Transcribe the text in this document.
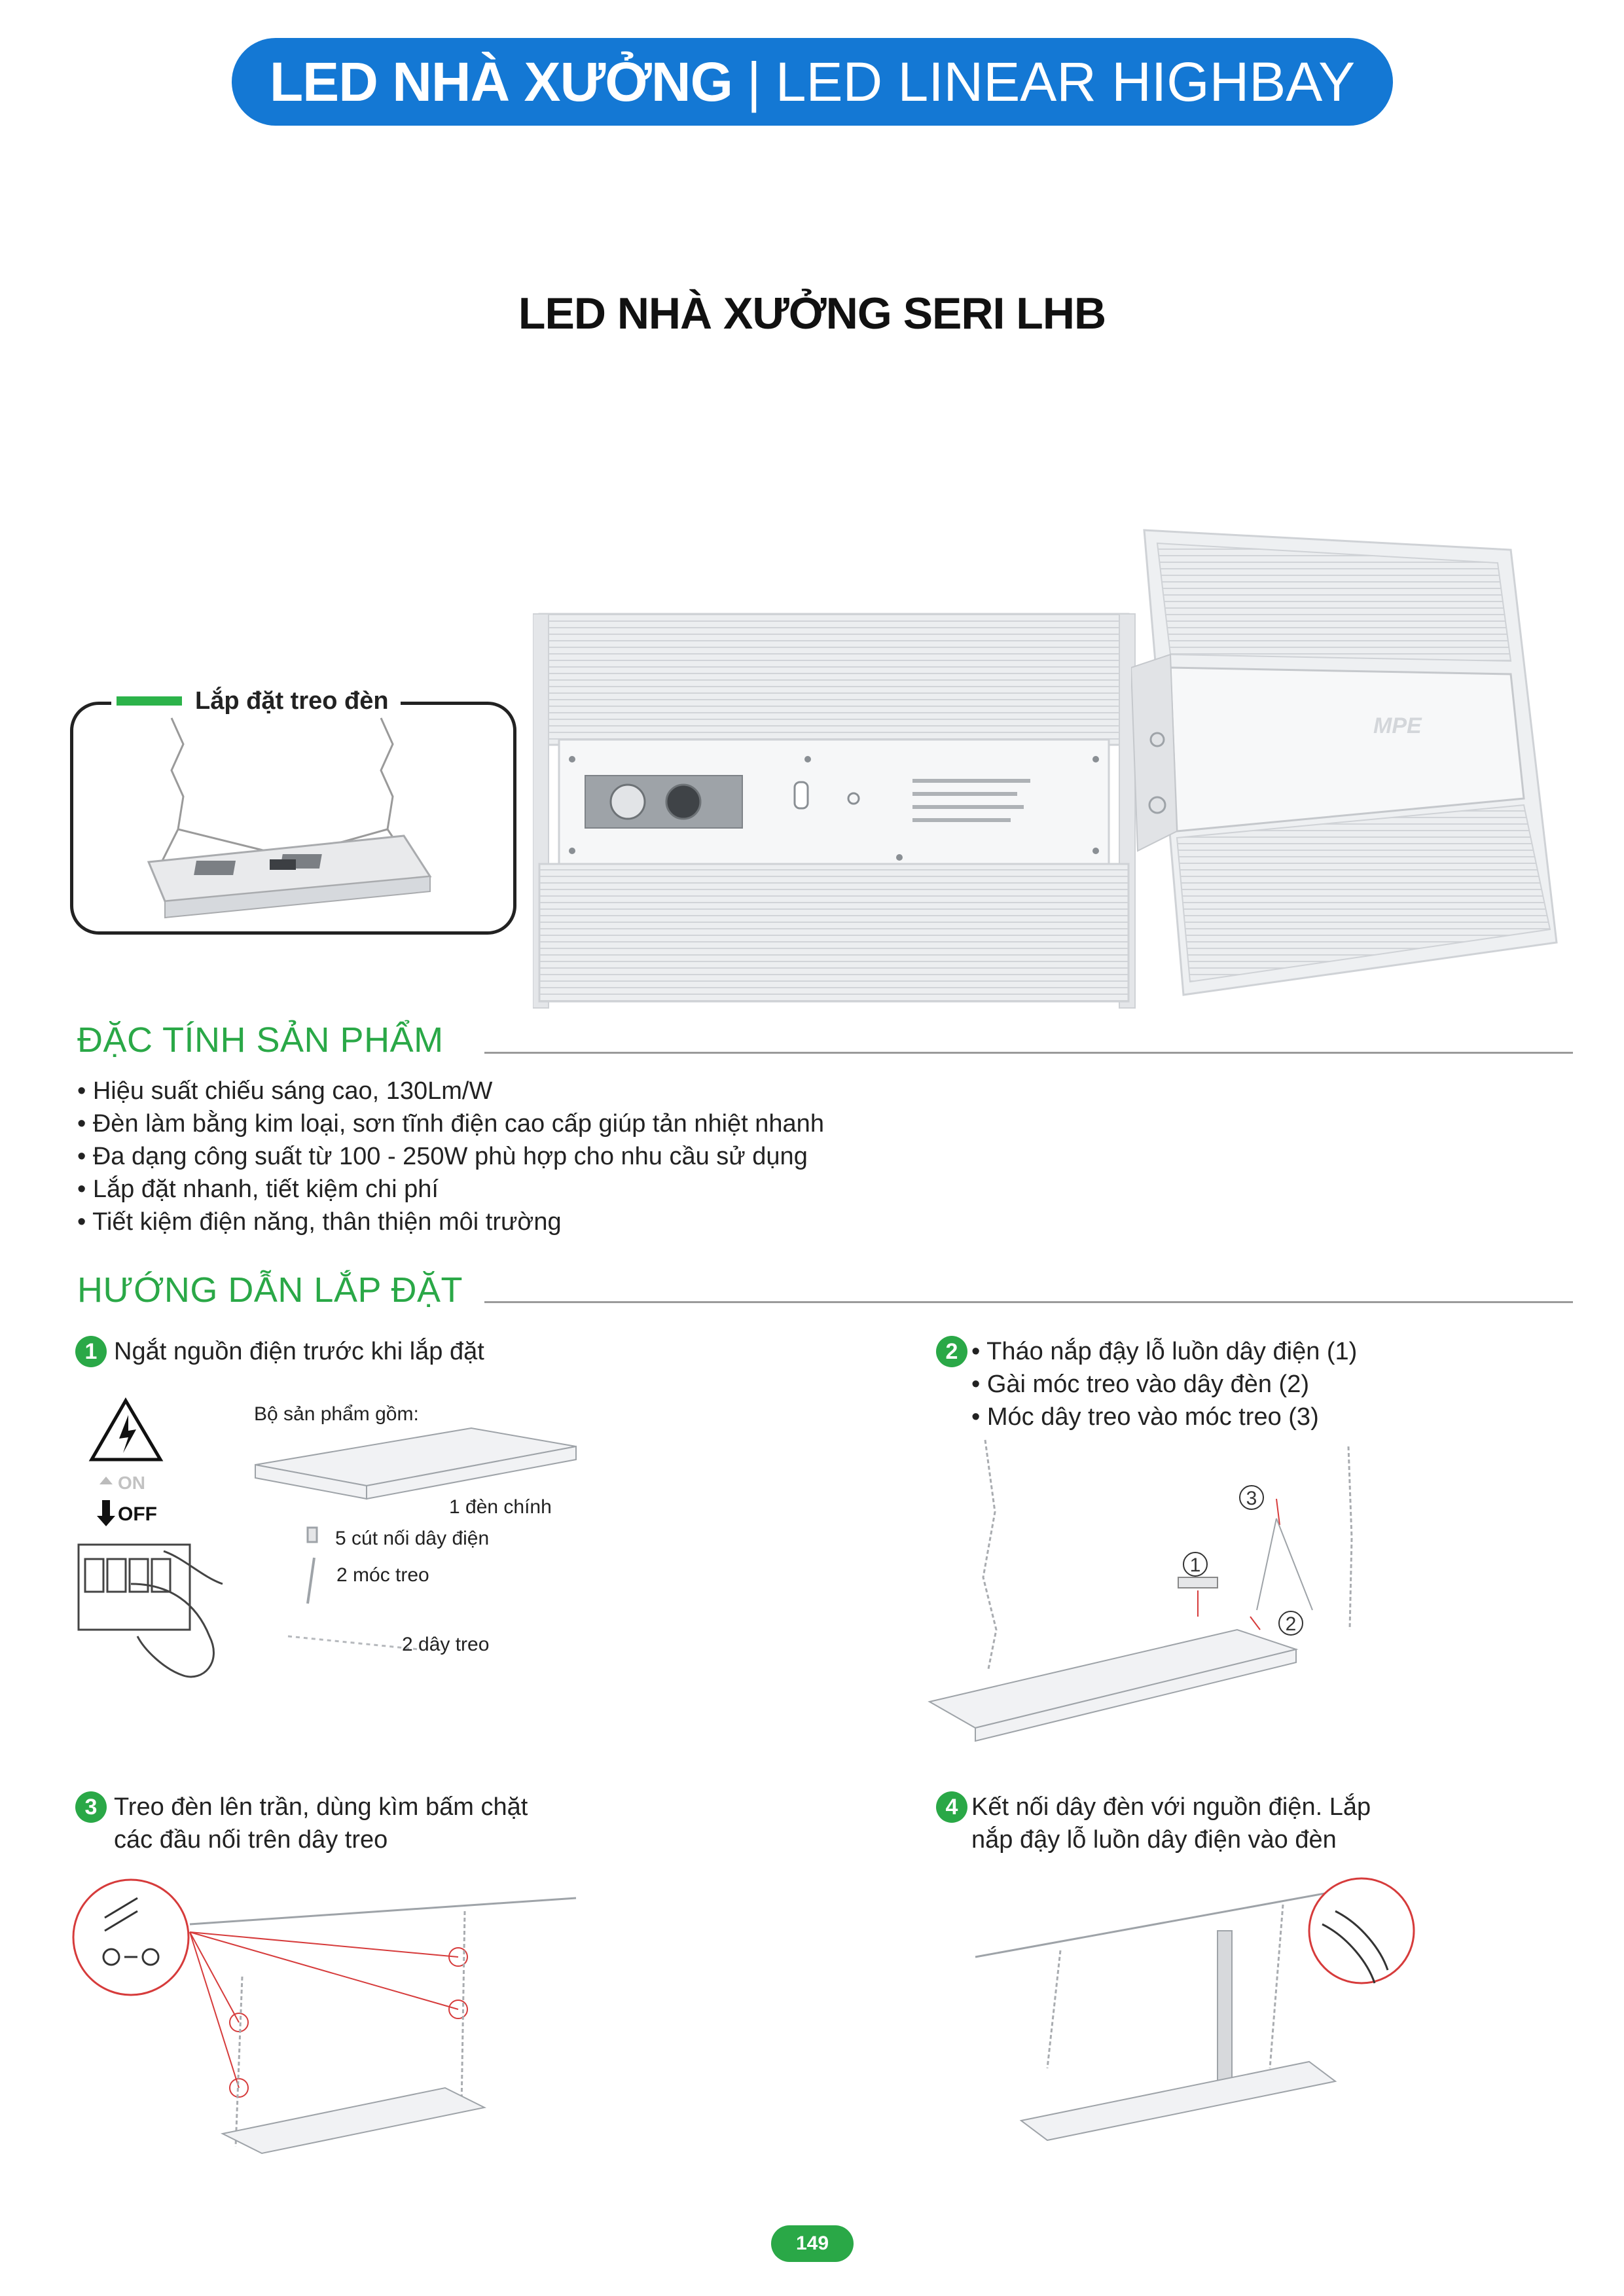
LED NHÀ XƯỞNG | LED LINEAR HIGHBAY
LED NHÀ XƯỞNG SERI LHB
Lắp đặt treo đèn
MPE
ĐẶC TÍNH SẢN PHẨM
• Hiệu suất chiếu sáng cao, 130Lm/W
• Đèn làm bằng kim loại, sơn tĩnh điện cao cấp giúp tản nhiệt nhanh
• Đa dạng công suất từ 100 - 250W phù hợp cho nhu cầu sử dụng
• Lắp đặt nhanh, tiết kiệm chi phí
• Tiết kiệm điện năng, thân thiện môi trường
HƯỚNG DẪN LẮP ĐẶT
1 Ngắt nguồn điện trước khi lắp đặt
ON
OFF
Bộ sản phẩm gồm:
1 đèn chính
5 cút nối dây điện
2 móc treo
2 dây treo
2 • Tháo nắp đậy lỗ luồn dây điện (1)
• Gài móc treo vào dây đèn (2)
• Móc dây treo vào móc treo (3)
1
2
3
3 Treo đèn lên trần, dùng kìm bấm chặt
các đầu nối trên dây treo
4 Kết nối dây đèn với nguồn điện. Lắp
nắp đậy lỗ luồn dây điện vào đèn
149
